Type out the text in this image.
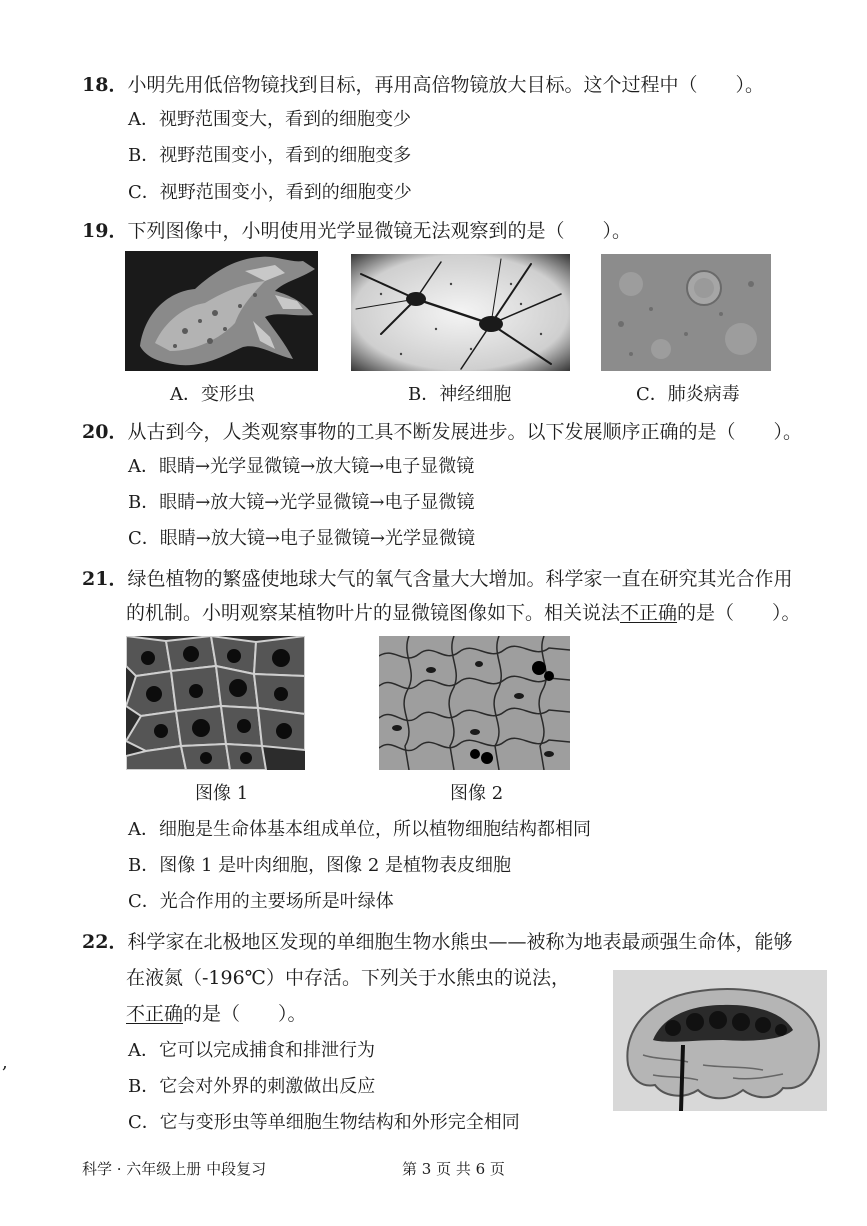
18．小明先用低倍物镜找到目标，再用高倍物镜放大目标。这个过程中（　　）。
A．视野范围变大，看到的细胞变少
B．视野范围变小，看到的细胞变多
C．视野范围变小，看到的细胞变少
19．下列图像中，小明使用光学显微镜无法观察到的是（　　）。
A．变形虫	B．神经细胞	C．肺炎病毒
20．从古到今，人类观察事物的工具不断发展进步。以下发展顺序正确的是（　　）。
A．眼睛→光学显微镜→放大镜→电子显微镜
B．眼睛→放大镜→光学显微镜→电子显微镜
C．眼睛→放大镜→电子显微镜→光学显微镜
21．绿色植物的繁盛使地球大气的氧气含量大大增加。科学家一直在研究其光合作用
的机制。小明观察某植物叶片的显微镜图像如下。相关说法不正确的是（　　）。
图像 1	图像 2
A．细胞是生命体基本组成单位，所以植物细胞结构都相同
B．图像 1 是叶肉细胞，图像 2 是植物表皮细胞
C．光合作用的主要场所是叶绿体
22．科学家在北极地区发现的单细胞生物水熊虫——被称为地表最顽强生命体，能够
在液氮（-196℃）中存活。下列关于水熊虫的说法，
不正确的是（　　）。
A．它可以完成捕食和排泄行为
B．它会对外界的刺激做出反应
C．它与变形虫等单细胞生物结构和外形完全相同
,
科学 · 六年级上册 中段复习	第 3 页 共 6 页
